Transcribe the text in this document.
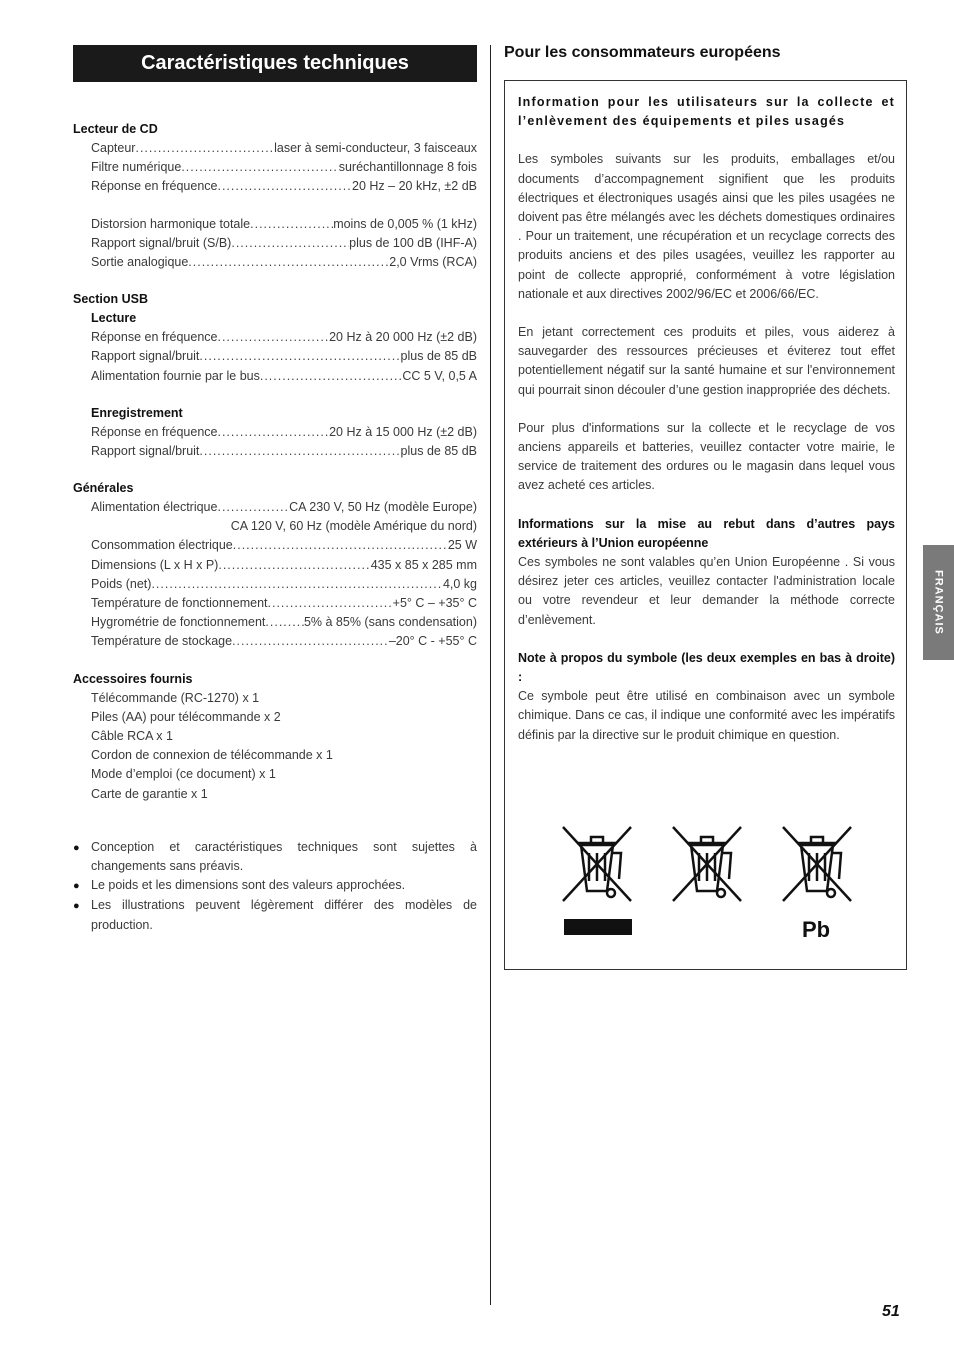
Caractéristiques techniques
Lecteur de CD
Capteur .....	laser à semi-conducteur, 3 faisceaux
Filtre numérique .....	suréchantillonnage 8 fois
Réponse en fréquence .....	20 Hz – 20 kHz, ±2 dB
Distorsion harmonique totale .....	moins de 0,005 % (1 kHz)
Rapport signal/bruit (S/B) .....	plus de 100 dB (IHF-A)
Sortie analogique .....	2,0 Vrms (RCA)
Section USB
Lecture
Réponse en fréquence .....	20 Hz à 20 000 Hz (±2 dB)
Rapport signal/bruit .....	plus de 85 dB
Alimentation fournie par le bus .....	CC 5 V, 0,5 A
Enregistrement
Réponse en fréquence .....	20 Hz à 15 000 Hz (±2 dB)
Rapport signal/bruit .....	plus de 85 dB
Générales
Alimentation électrique .....	CA 230 V, 50 Hz (modèle Europe)
CA 120 V, 60 Hz (modèle Amérique du nord)
Consommation électrique .....	25 W
Dimensions (L x H x P) .....	435 x 85 x 285 mm
Poids (net) .....	4,0 kg
Température de fonctionnement .....	+5° C – +35° C
Hygrométrie de fonctionnement .....	5% à 85% (sans condensation)
Température de stockage .....	–20° C - +55° C
Accessoires fournis
Télécommande (RC-1270) x 1
Piles (AA) pour télécommande x 2
Câble RCA x 1
Cordon de connexion de télécommande x 1
Mode d’emploi (ce document) x 1
Carte de garantie x 1
● Conception et caractéristiques techniques sont sujettes à changements sans préavis.
● Le poids et les dimensions sont des valeurs approchées.
● Les illustrations peuvent légèrement différer des modèles de production.
Pour les consommateurs européens

Information pour les utilisateurs sur la collecte et l’enlèvement des équipements et piles usagés

Les symboles suivants sur les produits, emballages et/ou documents d’accompagnement signifient que les produits électriques et électroniques usagés ainsi que les piles usagées ne doivent pas être mélangés avec les déchets domestiques ordinaires . Pour un traitement, une récupération et un recyclage corrects des produits anciens et des piles usagées, veuillez les rapporter au point de collecte approprié, conformément à votre législation nationale et aux directives 2002/96/EC et 2006/66/EC.

En jetant correctement ces produits et piles, vous aiderez à sauvegarder des ressources précieuses et éviterez tout effet potentiellement négatif sur la santé humaine et sur l'environnement qui pourrait sinon découler d’une gestion inappropriée des déchets.

Pour plus d'informations sur la collecte et le recyclage de vos anciens appareils et batteries, veuillez contacter votre mairie, le service de traitement des ordures ou le magasin dans lequel vous avez acheté ces articles.

Informations sur la mise au rebut dans d’autres pays extérieurs à l’Union européenne

Ces symboles ne sont valables qu’en Union Européenne . Si vous désirez jeter ces articles, veuillez contacter l'administration locale ou votre revendeur et leur demander la méthode correcte d’enlèvement.

Note à propos du symbole (les deux exemples en bas à droite) :

Ce symbole peut être utilisé en combinaison avec un symbole chimique. Dans ce cas, il indique une conformité avec les impératifs définis par la directive sur le produit chimique en question.

Pb
FRANÇAIS
51
